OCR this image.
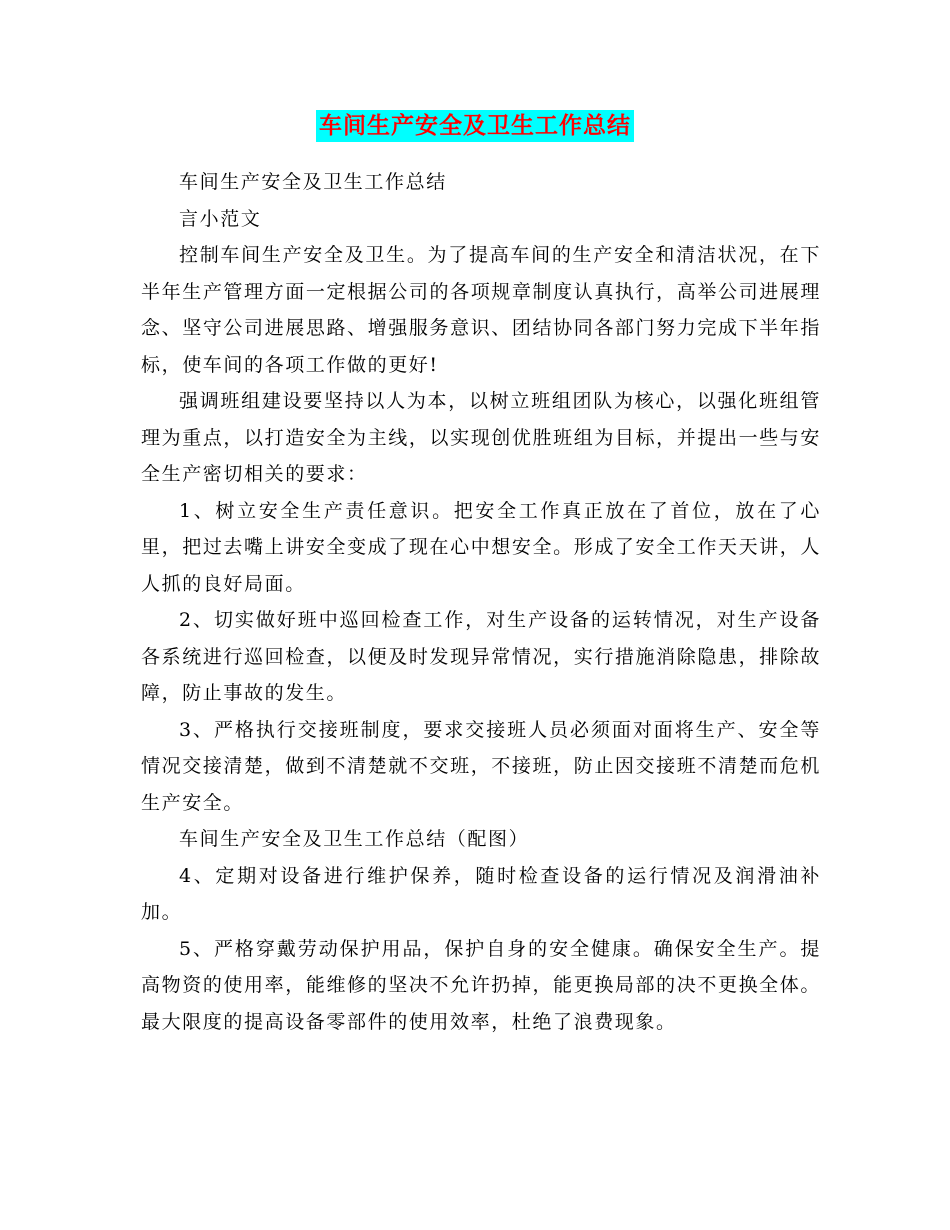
车间生产安全及卫生工作总结

车间生产安全及卫生工作总结

言小范文

控制车间生产安全及卫生。为了提高车间的生产安全和清洁状况，在下半年生产管理方面一定根据公司的各项规章制度认真执行，高举公司进展理念、坚守公司进展思路、增强服务意识、团结协同各部门努力完成下半年指标，使车间的各项工作做的更好!

强调班组建设要坚持以人为本，以树立班组团队为核心，以强化班组管理为重点，以打造安全为主线，以实现创优胜班组为目标，并提出一些与安全生产密切相关的要求：

1、树立安全生产责任意识。把安全工作真正放在了首位，放在了心里，把过去嘴上讲安全变成了现在心中想安全。形成了安全工作天天讲，人人抓的良好局面。

2、切实做好班中巡回检查工作，对生产设备的运转情况，对生产设备各系统进行巡回检查，以便及时发现异常情况，实行措施消除隐患，排除故障，防止事故的发生。

3、严格执行交接班制度，要求交接班人员必须面对面将生产、安全等情况交接清楚，做到不清楚就不交班，不接班，防止因交接班不清楚而危机生产安全。

车间生产安全及卫生工作总结（配图）

4、定期对设备进行维护保养，随时检查设备的运行情况及润滑油补加。

5、严格穿戴劳动保护用品，保护自身的安全健康。确保安全生产。提高物资的使用率，能维修的坚决不允许扔掉，能更换局部的决不更换全体。最大限度的提高设备零部件的使用效率，杜绝了浪费现象。
